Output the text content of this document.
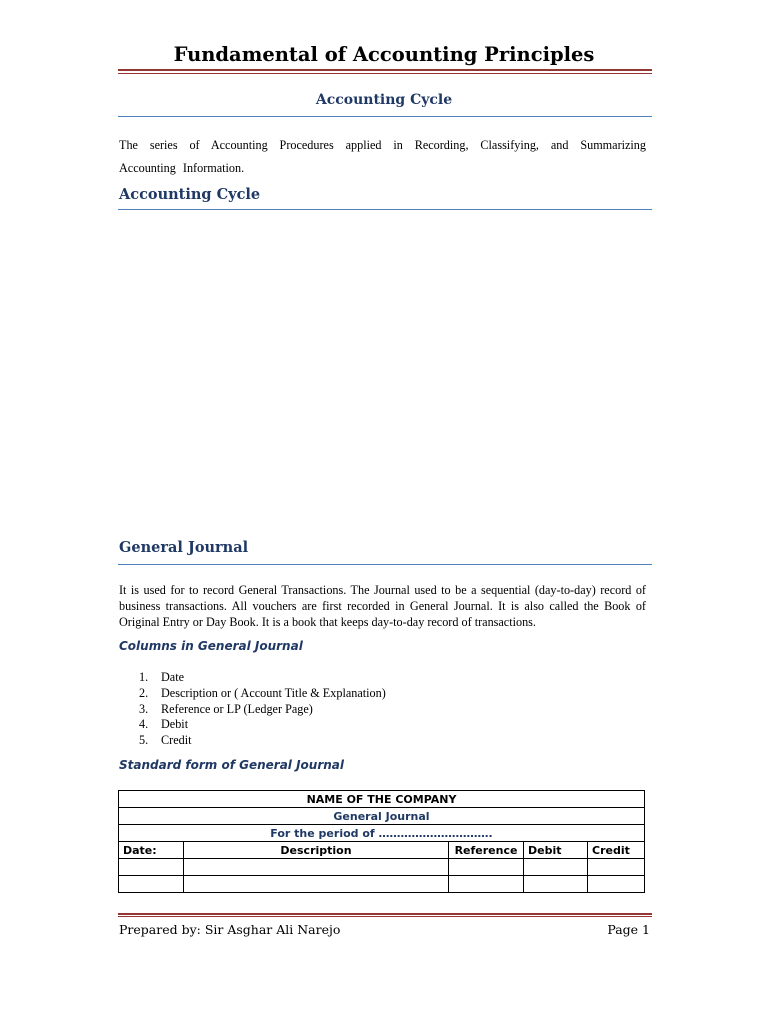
Fundamental of Accounting Principles
Accounting Cycle
The series of Accounting Procedures applied in Recording, Classifying, and Summarizing Accounting Information.
Accounting Cycle
General Journal
It is used for to record General Transactions. The Journal used to be a sequential (day-to-day) record of business transactions. All vouchers are first recorded in General Journal. It is also called the Book of Original Entry or Day Book. It is a book that keeps day-to-day record of transactions.
Columns in General Journal
1. Date
2. Description or ( Account Title & Explanation)
3. Reference or LP (Ledger Page)
4. Debit
5. Credit
Standard form of General Journal
NAME OF THE COMPANY				
General Journal				
For the period of ………………………….				
Date:	Description	Reference	Debit	Credit

Prepared by: Sir Asghar Ali Narejo	Page 1
